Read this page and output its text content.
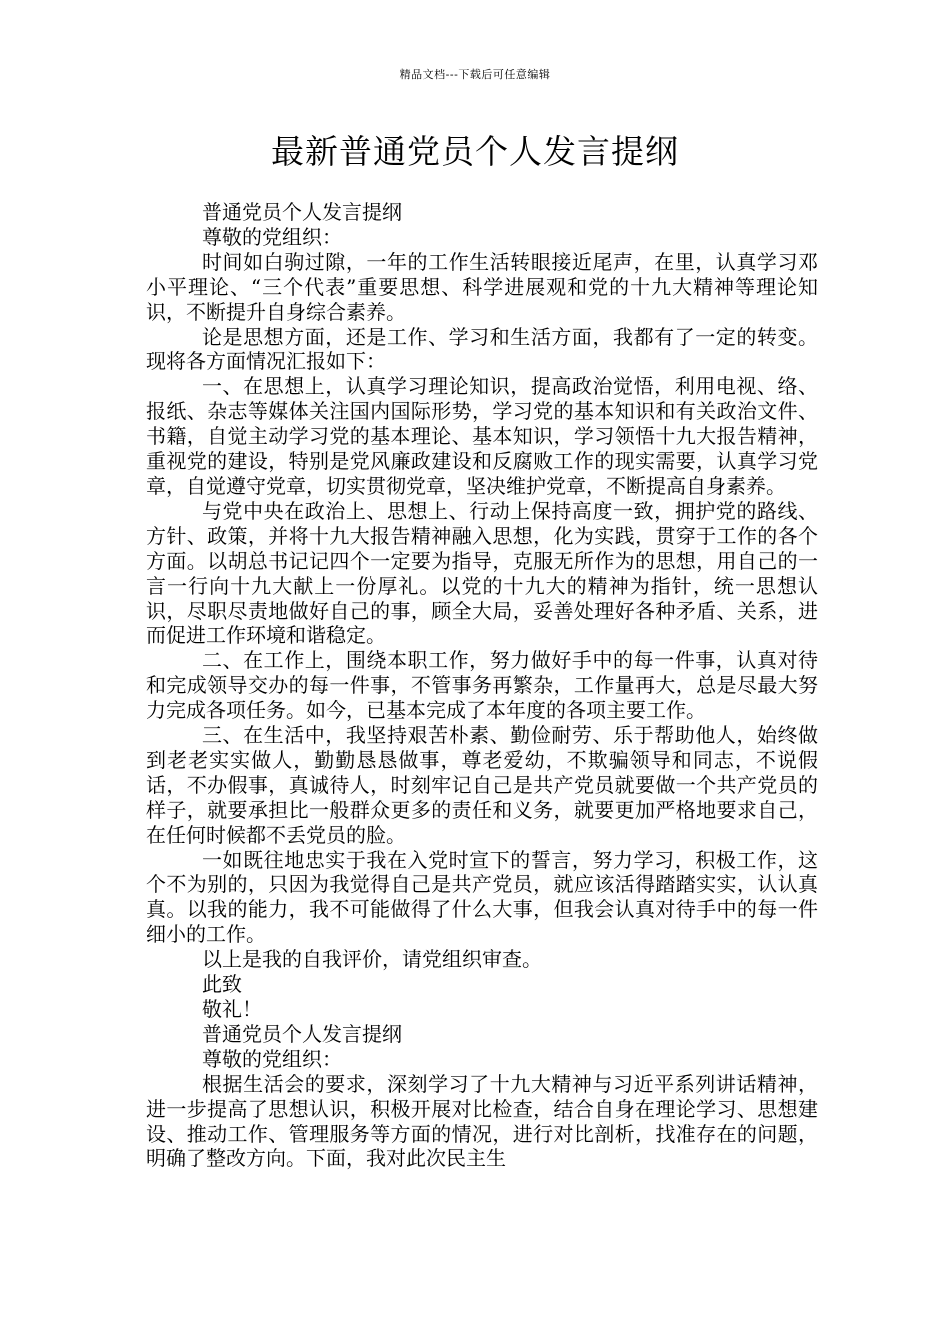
精品文档---下载后可任意编辑
最新普通党员个人发言提纲

普通党员个人发言提纲

尊敬的党组织：

时间如白驹过隙，一年的工作生活转眼接近尾声，在里，认真学习邓小平理论、“三个代表”重要思想、科学进展观和党的十九大精神等理论知识，不断提升自身综合素养。

论是思想方面，还是工作、学习和生活方面，我都有了一定的转变。现将各方面情况汇报如下：

一、在思想上，认真学习理论知识，提高政治觉悟，利用电视、络、报纸、杂志等媒体关注国内国际形势，学习党的基本知识和有关政治文件、书籍，自觉主动学习党的基本理论、基本知识，学习领悟十九大报告精神，重视党的建设，特别是党风廉政建设和反腐败工作的现实需要，认真学习党章，自觉遵守党章，切实贯彻党章，坚决维护党章，不断提高自身素养。

与党中央在政治上、思想上、行动上保持高度一致，拥护党的路线、方针、政策，并将十九大报告精神融入思想，化为实践，贯穿于工作的各个方面。以胡总书记记四个一定要为指导，克服无所作为的思想，用自己的一言一行向十九大献上一份厚礼。以党的十九大的精神为指针，统一思想认识，尽职尽责地做好自己的事，顾全大局，妥善处理好各种矛盾、关系，进而促进工作环境和谐稳定。

二、在工作上，围绕本职工作，努力做好手中的每一件事，认真对待和完成领导交办的每一件事，不管事务再繁杂，工作量再大，总是尽最大努力完成各项任务。如今，已基本完成了本年度的各项主要工作。

三、在生活中，我坚持艰苦朴素、勤俭耐劳、乐于帮助他人，始终做到老老实实做人，勤勤恳恳做事，尊老爱幼，不欺骗领导和同志，不说假话，不办假事，真诚待人，时刻牢记自己是共产党员就要做一个共产党员的样子，就要承担比一般群众更多的责任和义务，就要更加严格地要求自己，在任何时候都不丢党员的脸。

一如既往地忠实于我在入党时宣下的誓言，努力学习，积极工作，这个不为别的，只因为我觉得自己是共产党员，就应该活得踏踏实实，认认真真。以我的能力，我不可能做得了什么大事，但我会认真对待手中的每一件细小的工作。

以上是我的自我评价，请党组织审查。

此致

敬礼！

普通党员个人发言提纲

尊敬的党组织：

根据生活会的要求，深刻学习了十九大精神与习近平系列讲话精神，进一步提高了思想认识，积极开展对比检查，结合自身在理论学习、思想建设、推动工作、管理服务等方面的情况，进行对比剖析，找准存在的问题，明确了整改方向。下面，我对此次民主生
